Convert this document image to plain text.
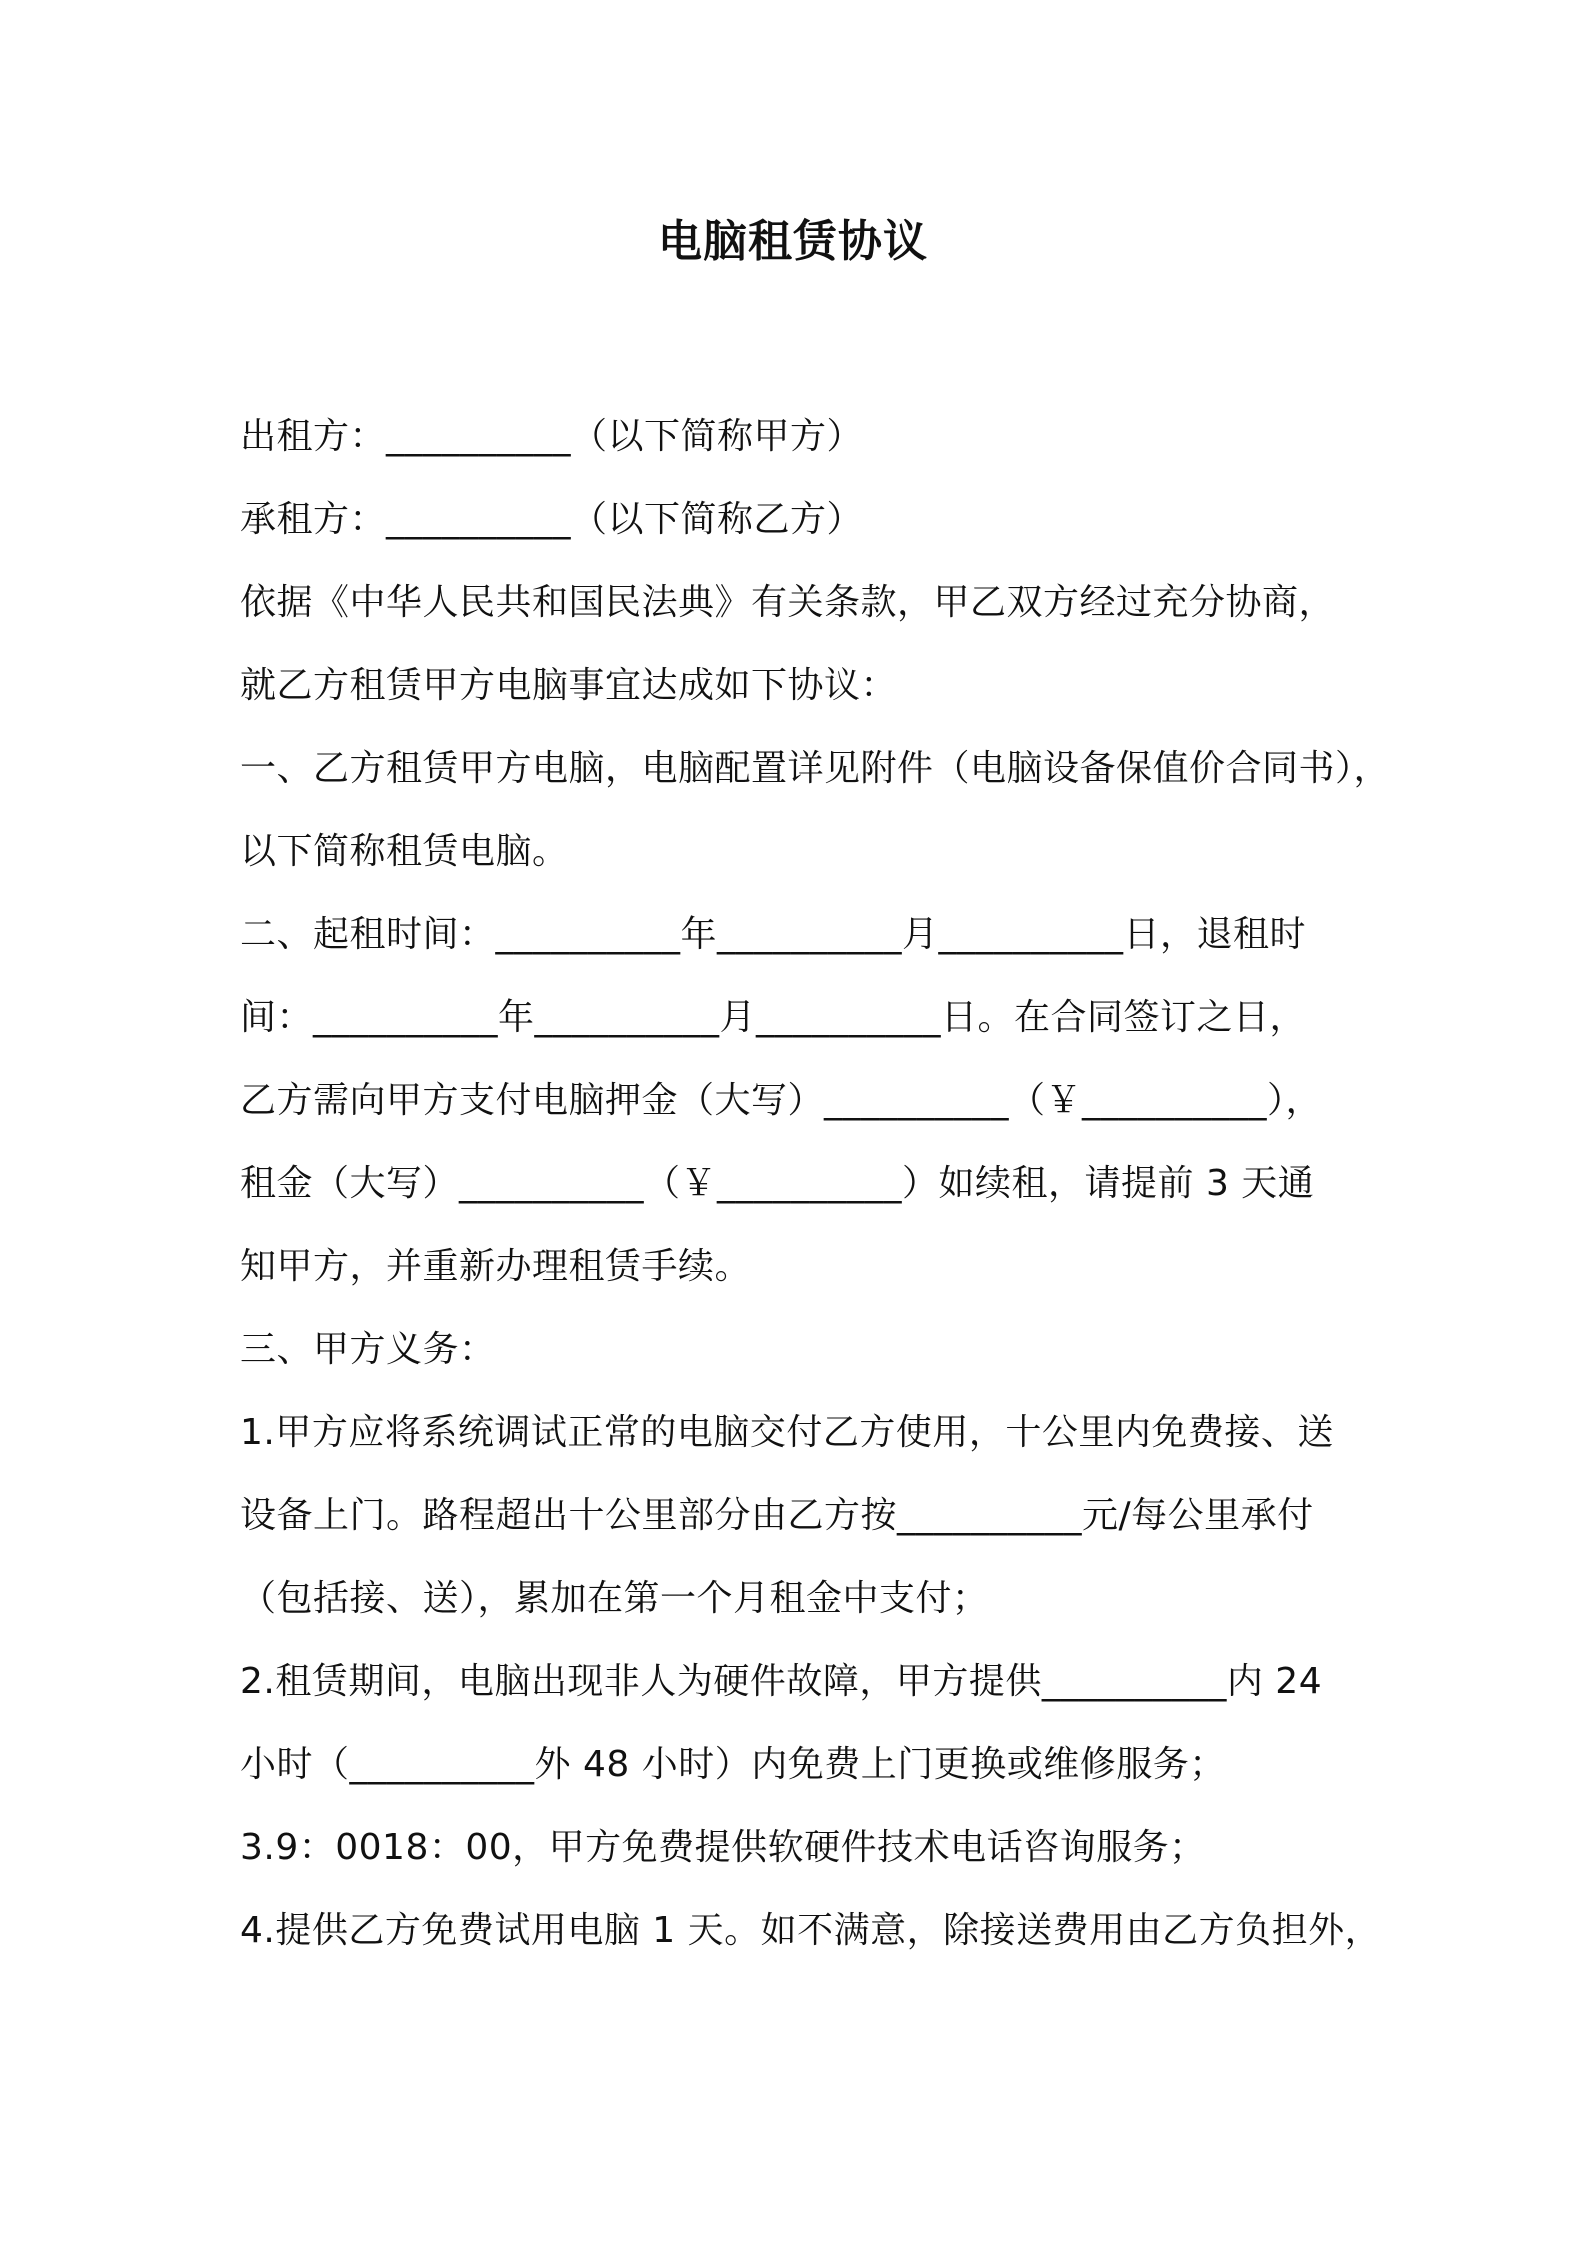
电脑租赁协议
出租方：__________（以下简称甲方）
承租方：__________（以下简称乙方）
依据《中华人民共和国民法典》有关条款，甲乙双方经过充分协商，
就乙方租赁甲方电脑事宜达成如下协议：
一、乙方租赁甲方电脑，电脑配置详见附件（电脑设备保值价合同书），
以下简称租赁电脑。
二、起租时间：__________年__________月__________日，退租时
间：__________年__________月__________日。在合同签订之日，
乙方需向甲方支付电脑押金（大写）__________（￥__________），
租金（大写）__________（￥__________）如续租，请提前 3 天通
知甲方，并重新办理租赁手续。
三、甲方义务：
1.甲方应将系统调试正常的电脑交付乙方使用，十公里内免费接、送
设备上门。路程超出十公里部分由乙方按__________元/每公里承付
（包括接、送），累加在第一个月租金中支付；
2.租赁期间，电脑出现非人为硬件故障，甲方提供__________内 24
小时（__________外 48 小时）内免费上门更换或维修服务；
3.9：0018：00，甲方免费提供软硬件技术电话咨询服务；
4.提供乙方免费试用电脑 1 天。如不满意，除接送费用由乙方负担外，
